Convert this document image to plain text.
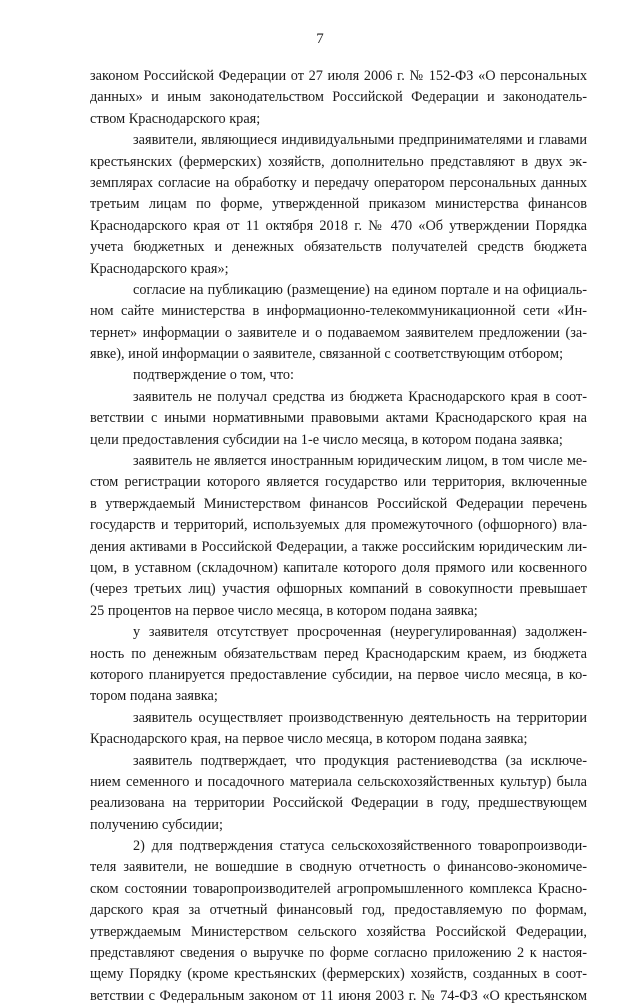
7
законом Российской Федерации от 27 июля 2006 г. № 152-ФЗ «О персональных
данных» и иным законодательством Российской Федерации и законодатель-
ством Краснодарского края;
заявители, являющиеся индивидуальными предпринимателями и главами
крестьянских (фермерских) хозяйств, дополнительно представляют в двух эк-
земплярах согласие на обработку и передачу оператором персональных данных
третьим лицам по форме, утвержденной приказом министерства финансов
Краснодарского края от 11 октября 2018 г. № 470 «Об утверждении Порядка
учета бюджетных и денежных обязательств получателей средств бюджета
Краснодарского края»;
согласие на публикацию (размещение) на едином портале и на официаль-
ном сайте министерства в информационно-телекоммуникационной сети «Ин-
тернет» информации о заявителе и о подаваемом заявителем предложении (за-
явке), иной информации о заявителе, связанной с соответствующим отбором;
подтверждение о том, что:
заявитель не получал средства из бюджета Краснодарского края в соот-
ветствии с иными нормативными правовыми актами Краснодарского края на
цели предоставления субсидии на 1-е число месяца, в котором подана заявка;
заявитель не является иностранным юридическим лицом, в том числе ме-
стом регистрации которого является государство или территория, включенные
в утверждаемый Министерством финансов Российской Федерации перечень
государств и территорий, используемых для промежуточного (офшорного) вла-
дения активами в Российской Федерации, а также российским юридическим ли-
цом, в уставном (складочном) капитале которого доля прямого или косвенного
(через третьих лиц) участия офшорных компаний в совокупности превышает
25 процентов на первое число месяца, в котором подана заявка;
у заявителя отсутствует просроченная (неурегулированная) задолжен-
ность по денежным обязательствам перед Краснодарским краем, из бюджета
которого планируется предоставление субсидии, на первое число месяца, в ко-
тором подана заявка;
заявитель осуществляет производственную деятельность на территории
Краснодарского края, на первое число месяца, в котором подана заявка;
заявитель подтверждает, что продукция растениеводства (за исключе-
нием семенного и посадочного материала сельскохозяйственных культур) была
реализована на территории Российской Федерации в году, предшествующем
получению субсидии;
2) для подтверждения статуса сельскохозяйственного товаропроизводи-
теля заявители, не вошедшие в сводную отчетность о финансово-экономиче-
ском состоянии товаропроизводителей агропромышленного комплекса Красно-
дарского края за отчетный финансовый год, предоставляемую по формам,
утверждаемым Министерством сельского хозяйства Российской Федерации,
представляют сведения о выручке по форме согласно приложению 2 к настоя-
щему Порядку (кроме крестьянских (фермерских) хозяйств, созданных в соот-
ветствии с Федеральным законом от 11 июня 2003 г. № 74-ФЗ «О крестьянском
